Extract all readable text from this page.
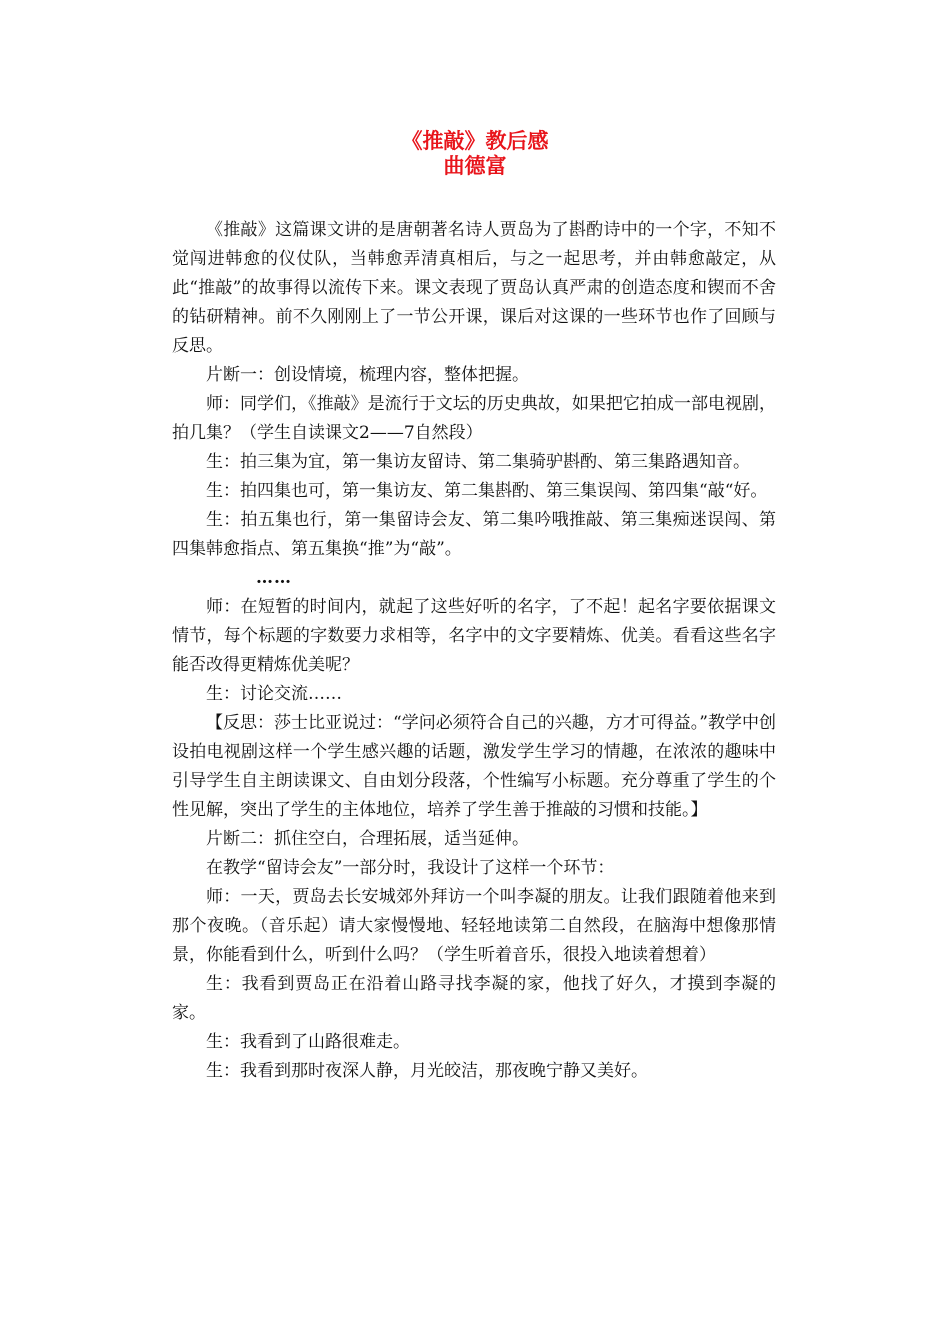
《推敲》教后感
曲德富

《推敲》这篇课文讲的是唐朝著名诗人贾岛为了斟酌诗中的一个字，不知不觉闯进韩愈的仪仗队，当韩愈弄清真相后，与之一起思考，并由韩愈敲定，从此“推敲”的故事得以流传下来。课文表现了贾岛认真严肃的创造态度和锲而不舍的钻研精神。前不久刚刚上了一节公开课，课后对这课的一些环节也作了回顾与反思。

片断一：创设情境，梳理内容，整体把握。

师：同学们，《推敲》是流行于文坛的历史典故，如果把它拍成一部电视剧，拍几集？（学生自读课文2——7自然段）

生：拍三集为宜，第一集访友留诗、第二集骑驴斟酌、第三集路遇知音。

生：拍四集也可，第一集访友、第二集斟酌、第三集误闯、第四集“敲“好。

生：拍五集也行，第一集留诗会友、第二集吟哦推敲、第三集痴迷误闯、第四集韩愈指点、第五集换“推”为“敲”。

……

师：在短暂的时间内，就起了这些好听的名字，了不起！起名字要依据课文情节，每个标题的字数要力求相等，名字中的文字要精炼、优美。看看这些名字能否改得更精炼优美呢？

生：讨论交流……

【反思：莎士比亚说过：“学问必须符合自己的兴趣，方才可得益。”教学中创设拍电视剧这样一个学生感兴趣的话题，激发学生学习的情趣，在浓浓的趣味中引导学生自主朗读课文、自由划分段落，个性编写小标题。充分尊重了学生的个性见解，突出了学生的主体地位，培养了学生善于推敲的习惯和技能。】

片断二：抓住空白，合理拓展，适当延伸。

在教学“留诗会友”一部分时，我设计了这样一个环节：

师：一天，贾岛去长安城郊外拜访一个叫李凝的朋友。让我们跟随着他来到那个夜晚。（音乐起）请大家慢慢地、轻轻地读第二自然段，在脑海中想像那情景，你能看到什么，听到什么吗？（学生听着音乐，很投入地读着想着）

生：我看到贾岛正在沿着山路寻找李凝的家，他找了好久，才摸到李凝的家。

生：我看到了山路很难走。

生：我看到那时夜深人静，月光皎洁，那夜晚宁静又美好。
